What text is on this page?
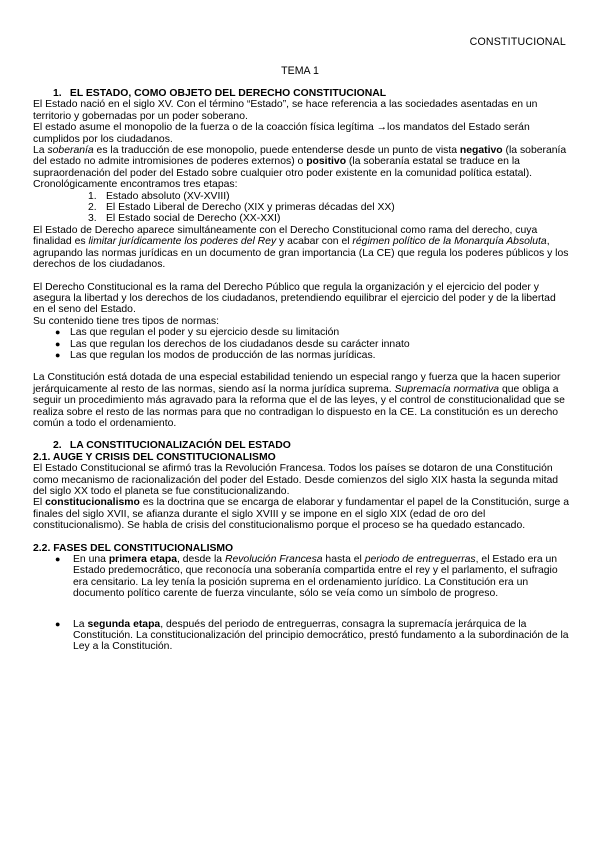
CONSTITUCIONAL
TEMA 1
1. EL ESTADO, COMO OBJETO DEL DERECHO CONSTITUCIONAL

El Estado nació en el siglo XV. Con el término “Estado”, se hace referencia a las sociedades asentadas en un territorio y gobernadas por un poder soberano.

El estado asume el monopolio de la fuerza o de la coacción física legítima →los mandatos del Estado serán cumplidos por los ciudadanos.

La soberanía es la traducción de ese monopolio, puede entenderse desde un punto de vista negativo (la soberanía del estado no admite intromisiones de poderes externos) o positivo (la soberanía estatal se traduce en la supraordenación del poder del Estado sobre cualquier otro poder existente en la comunidad política estatal).

Cronológicamente encontramos tres etapas:

1. Estado absoluto (XV-XVIII)
2. El Estado Liberal de Derecho (XIX y primeras décadas del XX)
3. El Estado social de Derecho (XX-XXI)

El Estado de Derecho aparece simultáneamente con el Derecho Constitucional como rama del derecho, cuya finalidad es limitar jurídicamente los poderes del Rey y acabar con el régimen político de la Monarquía Absoluta, agrupando las normas jurídicas en un documento de gran importancia (La CE) que regula los poderes públicos y los derechos de los ciudadanos.

El Derecho Constitucional es la rama del Derecho Público que regula la organización y el ejercicio del poder y asegura la libertad y los derechos de los ciudadanos, pretendiendo equilibrar el ejercicio del poder y de la libertad en el seno del Estado.

Su contenido tiene tres tipos de normas:

● Las que regulan el poder y su ejercicio desde su limitación
● Las que regulan los derechos de los ciudadanos desde su carácter innato
● Las que regulan los modos de producción de las normas jurídicas.

La Constitución está dotada de una especial estabilidad teniendo un especial rango y fuerza que la hacen superior jerárquicamente al resto de las normas, siendo así la norma jurídica suprema. Supremacía normativa que obliga a seguir un procedimiento más agravado para la reforma que el de las leyes, y el control de constitucionalidad que se realiza sobre el resto de las normas para que no contradigan lo dispuesto en la CE. La constitución es un derecho común a todo el ordenamiento.

2. LA CONSTITUCIONALIZACIÓN DEL ESTADO
2.1. AUGE Y CRISIS DEL CONSTITUCIONALISMO

El Estado Constitucional se afirmó tras la Revolución Francesa. Todos los países se dotaron de una Constitución como mecanismo de racionalización del poder del Estado. Desde comienzos del siglo XIX hasta la segunda mitad del siglo XX todo el planeta se fue constitucionalizando.

El constitucionalismo es la doctrina que se encarga de elaborar y fundamentar el papel de la Constitución, surge a finales del siglo XVII, se afianza durante el siglo XVIII y se impone en el siglo XIX (edad de oro del constitucionalismo). Se habla de crisis del constitucionalismo porque el proceso se ha quedado estancado.

2.2. FASES DEL CONSTITUCIONALISMO
● En una primera etapa, desde la Revolución Francesa hasta el periodo de entreguerras, el Estado era un Estado predemocrático, que reconocía una soberanía compartida entre el rey y el parlamento, el sufragio era censitario. La ley tenía la posición suprema en el ordenamiento jurídico. La Constitución era un documento político carente de fuerza vinculante, sólo se veía como un símbolo de progreso.
● La segunda etapa, después del periodo de entreguerras, consagra la supremacía jerárquica de la Constitución. La constitucionalización del principio democrático, prestó fundamento a la subordinación de la Ley a la Constitución.
